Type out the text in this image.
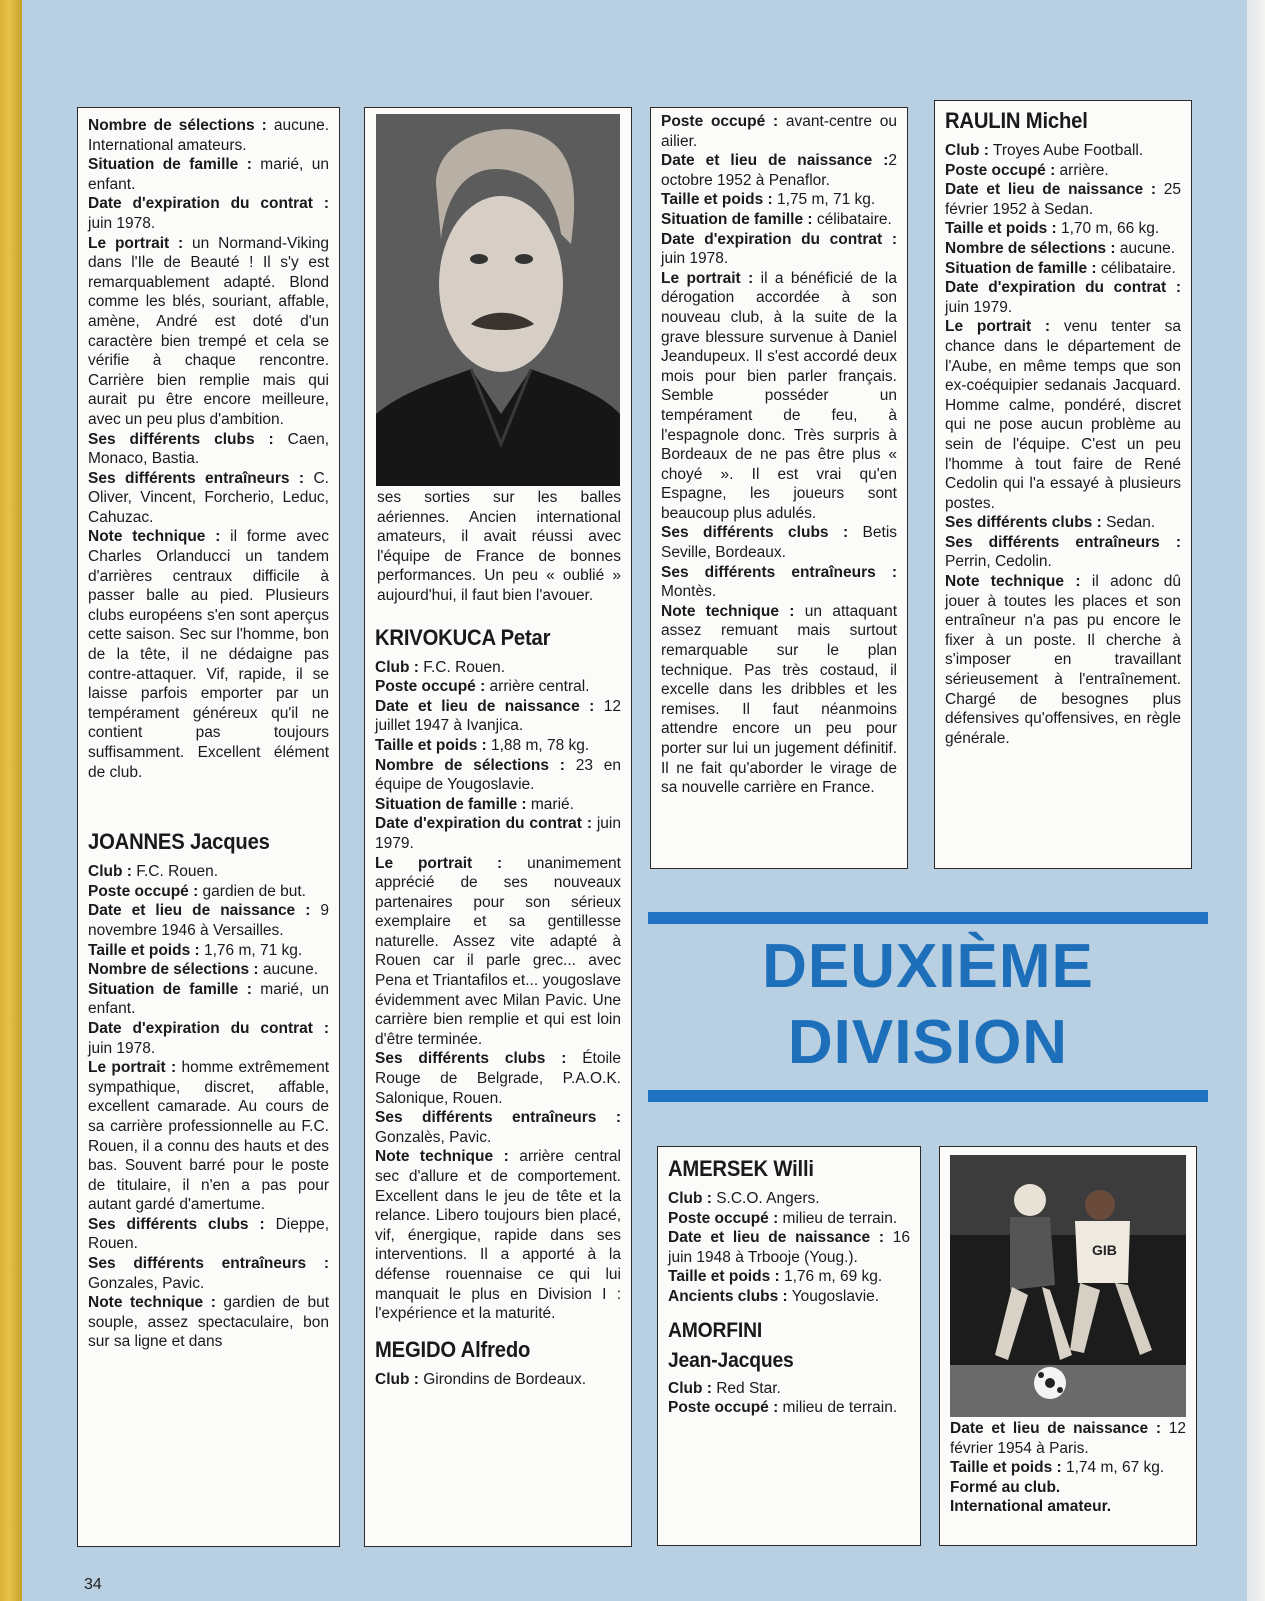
Nombre de sélections : aucune. International amateurs.
Situation de famille : marié, un enfant.
Date d'expiration du contrat : juin 1978.
Le portrait : un Normand-Viking dans l'Ile de Beauté ! Il s'y est remarquablement adapté. Blond comme les blés, souriant, affable, amène, André est doté d'un caractère bien trempé et cela se vérifie à chaque rencontre. Carrière bien remplie mais qui aurait pu être encore meilleure, avec un peu plus d'ambition.
Ses différents clubs : Caen, Monaco, Bastia.
Ses différents entraîneurs : C. Oliver, Vincent, Forcherio, Leduc, Cahuzac.
Note technique : il forme avec Charles Orlanducci un tandem d'arrières centraux difficile à passer balle au pied. Plusieurs clubs européens s'en sont aperçus cette saison. Sec sur l'homme, bon de la tête, il ne dédaigne pas contre-attaquer. Vif, rapide, il se laisse parfois emporter par un tempérament généreux qu'il ne contient pas toujours suffisamment. Excellent élément de club.
JOANNES Jacques
Club : F.C. Rouen.
Poste occupé : gardien de but.
Date et lieu de naissance : 9 novembre 1946 à Versailles.
Taille et poids : 1,76 m, 71 kg.
Nombre de sélections : aucune.
Situation de famille : marié, un enfant.
Date d'expiration du contrat : juin 1978.
Le portrait : homme extrêmement sympathique, discret, affable, excellent camarade. Au cours de sa carrière professionnelle au F.C. Rouen, il a connu des hauts et des bas. Souvent barré pour le poste de titulaire, il n'en a pas pour autant gardé d'amertume.
Ses différents clubs : Dieppe, Rouen.
Ses différents entraîneurs : Gonzales, Pavic.
Note technique : gardien de but souple, assez spectaculaire, bon sur sa ligne et dans
ses sorties sur les balles aériennes. Ancien international amateurs, il avait réussi avec l'équipe de France de bonnes performances. Un peu « oublié » aujourd'hui, il faut bien l'avouer.
KRIVOKUCA Petar
Club : F.C. Rouen.
Poste occupé : arrière central.
Date et lieu de naissance : 12 juillet 1947 à Ivanjica.
Taille et poids : 1,88 m, 78 kg.
Nombre de sélections : 23 en équipe de Yougoslavie.
Situation de famille : marié.
Date d'expiration du contrat : juin 1979.
Le portrait : unanimement apprécié de ses nouveaux partenaires pour son sérieux exemplaire et sa gentillesse naturelle. Assez vite adapté à Rouen car il parle grec... avec Pena et Triantafilos et... yougoslave évidemment avec Milan Pavic. Une carrière bien remplie et qui est loin d'être terminée.
Ses différents clubs : Étoile Rouge de Belgrade, P.A.O.K. Salonique, Rouen.
Ses différents entraîneurs : Gonzalès, Pavic.
Note technique : arrière central sec d'allure et de comportement. Excellent dans le jeu de tête et la relance. Libero toujours bien placé, vif, énergique, rapide dans ses interventions. Il a apporté à la défense rouennaise ce qui lui manquait le plus en Division I : l'expérience et la maturité.
MEGIDO Alfredo
Club : Girondins de Bordeaux.
Poste occupé : avant-centre ou ailier.
Date et lieu de naissance :2 octobre 1952 à Penaflor.
Taille et poids : 1,75 m, 71 kg.
Situation de famille : célibataire.
Date d'expiration du contrat : juin 1978.
Le portrait : il a bénéficié de la dérogation accordée à son nouveau club, à la suite de la grave blessure survenue à Daniel Jeandupeux. Il s'est accordé deux mois pour bien parler français. Semble posséder un tempérament de feu, à l'espagnole donc. Très surpris à Bordeaux de ne pas être plus « choyé ». Il est vrai qu'en Espagne, les joueurs sont beaucoup plus adulés.
Ses différents clubs : Betis Seville, Bordeaux.
Ses différents entraîneurs : Montès.
Note technique : un attaquant assez remuant mais surtout remarquable sur le plan technique. Pas très costaud, il excelle dans les dribbles et les remises. Il faut néanmoins attendre encore un peu pour porter sur lui un jugement définitif. Il ne fait qu'aborder le virage de sa nouvelle carrière en France.
RAULIN Michel
Club : Troyes Aube Football.
Poste occupé : arrière.
Date et lieu de naissance : 25 février 1952 à Sedan.
Taille et poids : 1,70 m, 66 kg.
Nombre de sélections : aucune.
Situation de famille : célibataire.
Date d'expiration du contrat : juin 1979.
Le portrait : venu tenter sa chance dans le département de l'Aube, en même temps que son ex-coéquipier sedanais Jacquard. Homme calme, pondéré, discret qui ne pose aucun problème au sein de l'équipe. C'est un peu l'homme à tout faire de René Cedolin qui l'a essayé à plusieurs postes.
Ses différents clubs : Sedan.
Ses différents entraîneurs : Perrin, Cedolin.
Note technique : il adonc dû jouer à toutes les places et son entraîneur n'a pas pu encore le fixer à un poste. Il cherche à s'imposer en travaillant sérieusement à l'entraînement. Chargé de besognes plus défensives qu'offensives, en règle générale.
DEUXIÈME
DIVISION
AMERSEK Willi
Club : S.C.O. Angers.
Poste occupé : milieu de terrain.
Date et lieu de naissance : 16 juin 1948 à Trbooje (Youg.).
Taille et poids : 1,76 m, 69 kg.
Ancients clubs : Yougoslavie.
AMORFINI
Jean-Jacques
Club : Red Star.
Poste occupé : milieu de terrain.
GIB
Date et lieu de naissance : 12 février 1954 à Paris.
Taille et poids : 1,74 m, 67 kg.
Formé au club.
International amateur.
34
